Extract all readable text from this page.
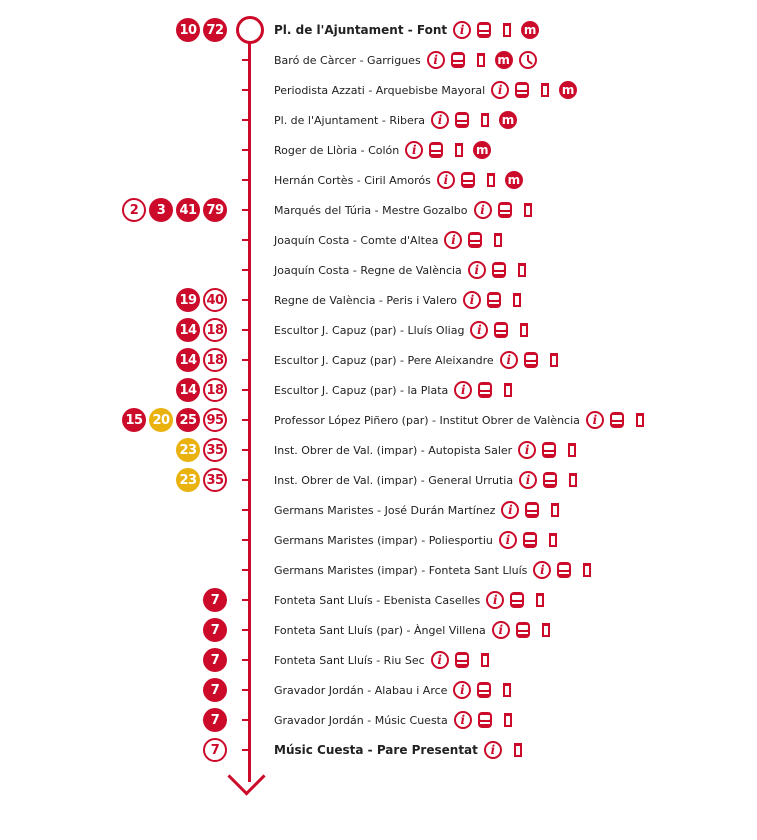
10 72	Pl. de l'Ajuntament - Font	i	m
Baró de Càrcer - Garrigues	i	m
Periodista Azzati - Arquebisbe Mayoral	i	m
Pl. de l'Ajuntament - Ribera	i	m
Roger de Llòria - Colón	i	m
Hernán Cortès - Ciril Amorós	i	m
2	3	41 79	Marqués del Túria - Mestre Gozalbo	i
Joaquín Costa - Comte d'Altea	i
Joaquín Costa - Regne de València	i
19 40	Regne de València - Peris i Valero	i
14 18	Escultor J. Capuz (par) - Lluís Oliag	i
14 18	Escultor J. Capuz (par) - Pere Aleixandre	i
14 18	Escultor J. Capuz (par) - la Plata	i
15 20 25 95	Professor López Piñero (par) - Institut Obrer de València	i
23 35	Inst. Obrer de Val. (impar) - Autopista Saler	i
23 35	Inst. Obrer de Val. (impar) - General Urrutia	i
Germans Maristes - José Durán Martínez	i
Germans Maristes (impar) - Poliesportiu	i
Germans Maristes (impar) - Fonteta Sant Lluís	i
7	Fonteta Sant Lluís - Ebenista Caselles	i
7	Fonteta Sant Lluís (par) - Àngel Villena	i
7	Fonteta Sant Lluís - Riu Sec	i
7	Gravador Jordán - Alabau i Arce	i
7	Gravador Jordán - Músic Cuesta	i
7	Músic Cuesta - Pare Presentat	i
